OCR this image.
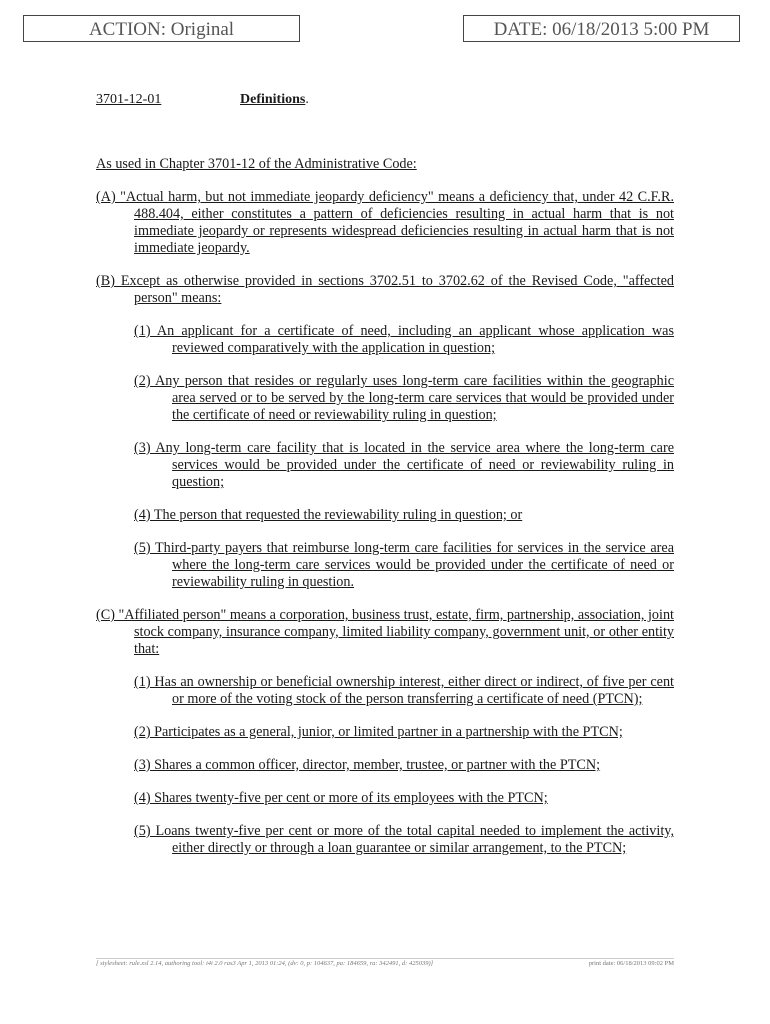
ACTION: Original	DATE: 06/18/2013 5:00 PM
3701-12-01	Definitions.

As used in Chapter 3701-12 of the Administrative Code:

(A) "Actual harm, but not immediate jeopardy deficiency" means a deficiency that, under 42 C.F.R. 488.404, either constitutes a pattern of deficiencies resulting in actual harm that is not immediate jeopardy or represents widespread deficiencies resulting in actual harm that is not immediate jeopardy.

(B) Except as otherwise provided in sections 3702.51 to 3702.62 of the Revised Code, "affected person" means:

(1) An applicant for a certificate of need, including an applicant whose application was reviewed comparatively with the application in question;

(2) Any person that resides or regularly uses long-term care facilities within the geographic area served or to be served by the long-term care services that would be provided under the certificate of need or reviewability ruling in question;

(3) Any long-term care facility that is located in the service area where the long-term care services would be provided under the certificate of need or reviewability ruling in question;

(4) The person that requested the reviewability ruling in question; or

(5) Third-party payers that reimburse long-term care facilities for services in the service area where the long-term care services would be provided under the certificate of need or reviewability ruling in question.

(C) "Affiliated person" means a corporation, business trust, estate, firm, partnership, association, joint stock company, insurance company, limited liability company, government unit, or other entity that:

(1) Has an ownership or beneficial ownership interest, either direct or indirect, of five per cent or more of the voting stock of the person transferring a certificate of need (PTCN);

(2) Participates as a general, junior, or limited partner in a partnership with the PTCN;

(3) Shares a common officer, director, member, trustee, or partner with the PTCN;

(4) Shares twenty-five per cent or more of its employees with the PTCN;

(5) Loans twenty-five per cent or more of the total capital needed to implement the activity, either directly or through a loan guarantee or similar arrangement, to the PTCN;

[ stylesheet: rule.xsl 2.14, authoring tool: i4i 2.0 ras3 Apr 1, 2013 01:24, (dv: 0, p: 104637, pa: 184659, ra: 342491, d: 425039)]	print date: 06/18/2013 09:02 PM
